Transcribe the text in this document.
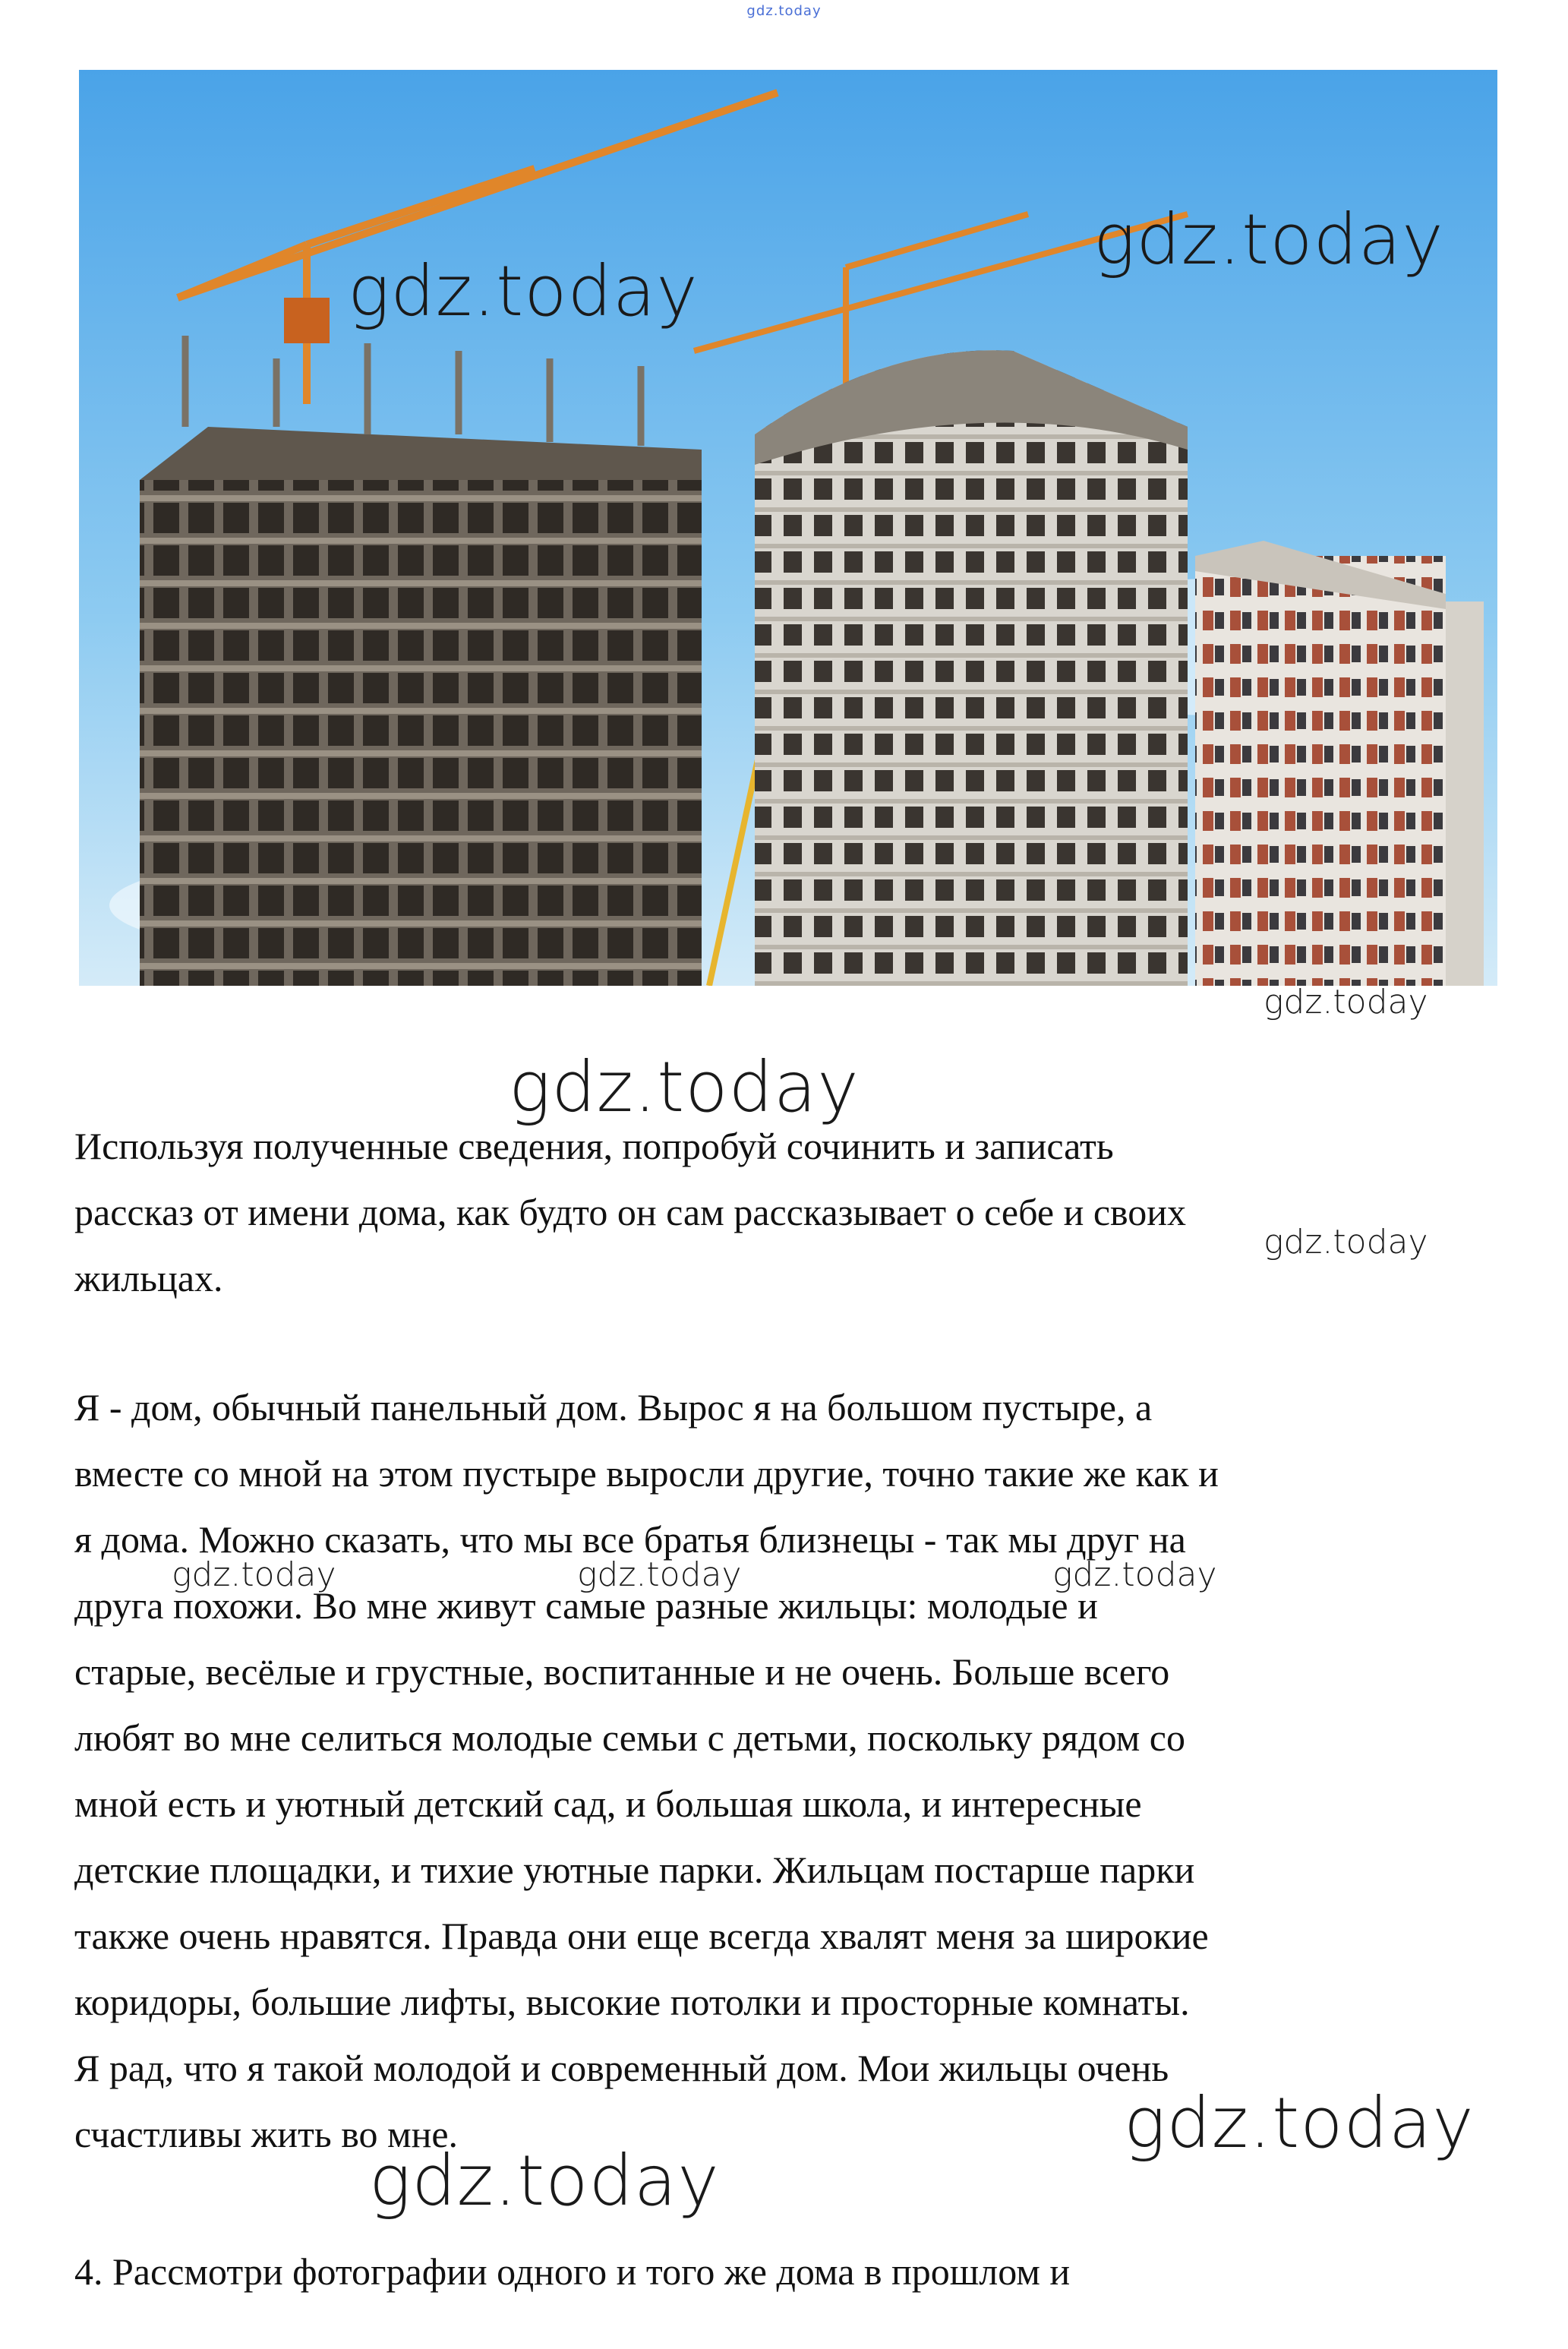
gdz.today
gdz.today
gdz.today
gdz.today
gdz.today
gdz.today
gdz.today	gdz.today	gdz.today
gdz.today
gdz.today
Используя полученные сведения, попробуй сочинить и записать
рассказ от имени дома, как будто он сам рассказывает о себе и своих
жильцах.
Я - дом, обычный панельный дом. Вырос я на большом пустыре, а
вместе со мной на этом пустыре выросли другие, точно такие же как и
я дома. Можно сказать, что мы все братья близнецы - так мы друг на
друга похожи. Во мне живут самые разные жильцы: молодые и
старые, весёлые и грустные, воспитанные и не очень. Больше всего
любят во мне селиться молодые семьи с детьми, поскольку рядом со
мной есть и уютный детский сад, и большая школа, и интересные
детские площадки, и тихие уютные парки. Жильцам постарше парки
также очень нравятся. Правда они еще всегда хвалят меня за широкие
коридоры, большие лифты, высокие потолки и просторные комнаты.
Я рад, что я такой молодой и современный дом. Мои жильцы очень
счастливы жить во мне.
4. Рассмотри фотографии одного и того же дома в прошлом и
